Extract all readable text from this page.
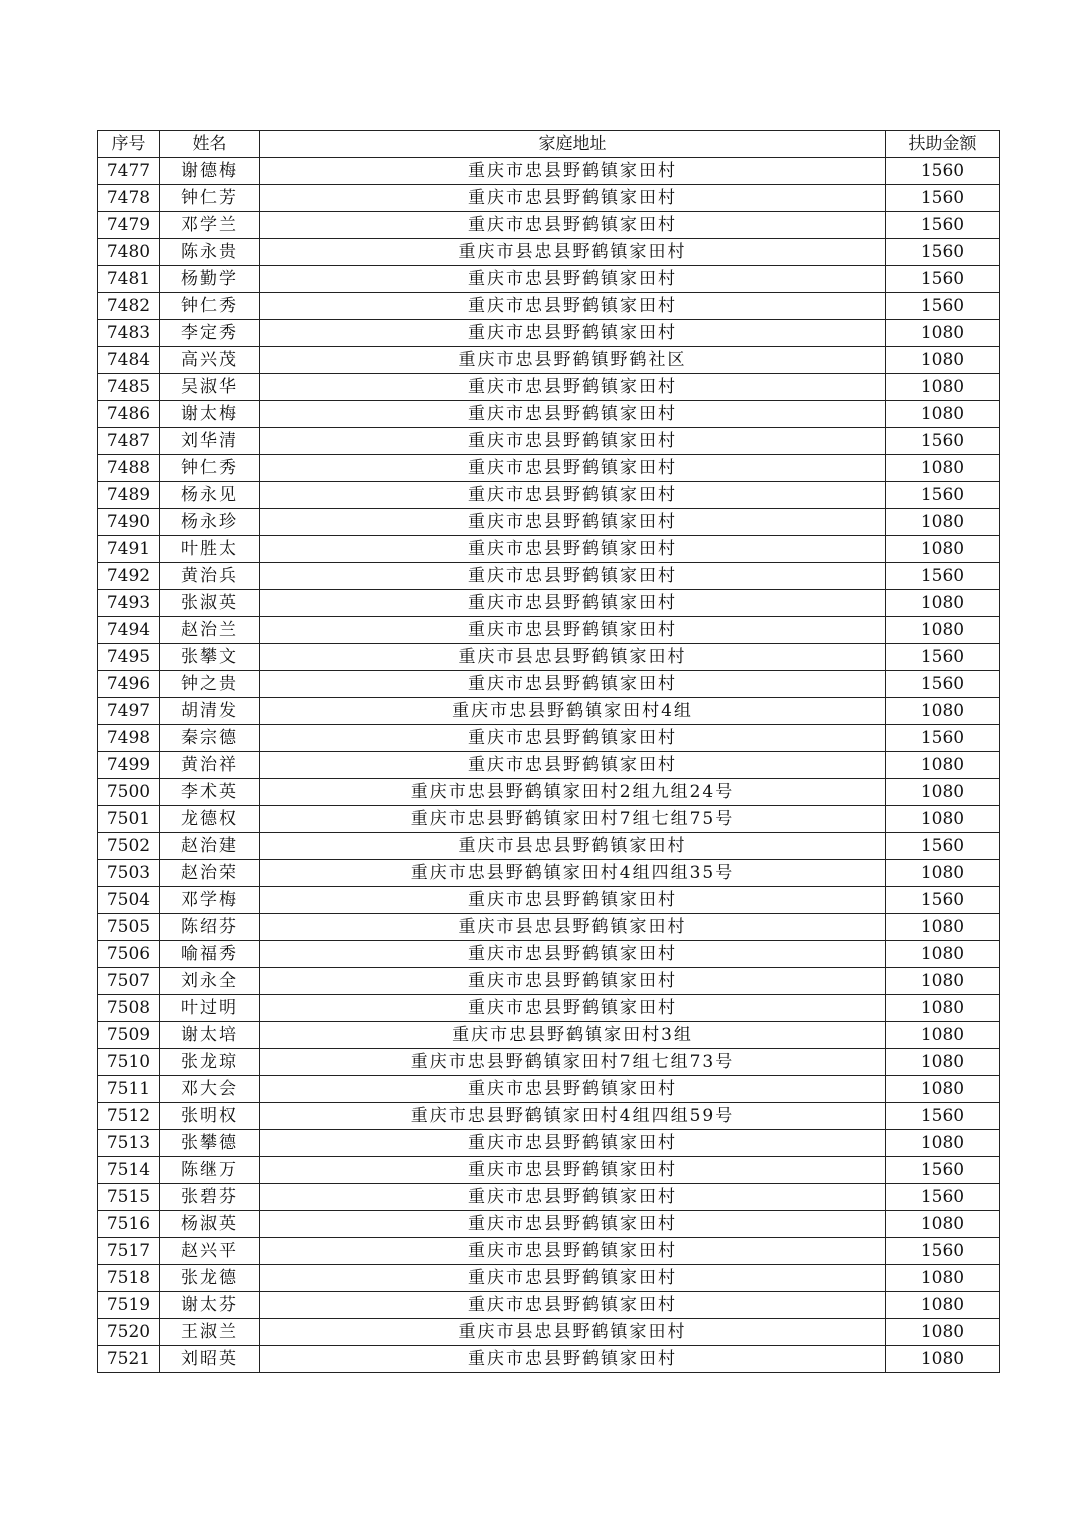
序号	姓名	家庭地址	扶助金额
7477	谢德梅	重庆市忠县野鹤镇家田村	1560
7478	钟仁芳	重庆市忠县野鹤镇家田村	1560
7479	邓学兰	重庆市忠县野鹤镇家田村	1560
7480	陈永贵	重庆市县忠县野鹤镇家田村	1560
7481	杨勤学	重庆市忠县野鹤镇家田村	1560
7482	钟仁秀	重庆市忠县野鹤镇家田村	1560
7483	李定秀	重庆市忠县野鹤镇家田村	1080
7484	高兴茂	重庆市忠县野鹤镇野鹤社区	1080
7485	吴淑华	重庆市忠县野鹤镇家田村	1080
7486	谢太梅	重庆市忠县野鹤镇家田村	1080
7487	刘华清	重庆市忠县野鹤镇家田村	1560
7488	钟仁秀	重庆市忠县野鹤镇家田村	1080
7489	杨永见	重庆市忠县野鹤镇家田村	1560
7490	杨永珍	重庆市忠县野鹤镇家田村	1080
7491	叶胜太	重庆市忠县野鹤镇家田村	1080
7492	黄治兵	重庆市忠县野鹤镇家田村	1560
7493	张淑英	重庆市忠县野鹤镇家田村	1080
7494	赵治兰	重庆市忠县野鹤镇家田村	1080
7495	张攀文	重庆市县忠县野鹤镇家田村	1560
7496	钟之贵	重庆市忠县野鹤镇家田村	1560
7497	胡清发	重庆市忠县野鹤镇家田村4组	1080
7498	秦宗德	重庆市忠县野鹤镇家田村	1560
7499	黄治祥	重庆市忠县野鹤镇家田村	1080
7500	李术英	重庆市忠县野鹤镇家田村2组九组24号	1080
7501	龙德权	重庆市忠县野鹤镇家田村7组七组75号	1080
7502	赵治建	重庆市县忠县野鹤镇家田村	1560
7503	赵治荣	重庆市忠县野鹤镇家田村4组四组35号	1080
7504	邓学梅	重庆市忠县野鹤镇家田村	1560
7505	陈绍芬	重庆市县忠县野鹤镇家田村	1080
7506	喻福秀	重庆市忠县野鹤镇家田村	1080
7507	刘永全	重庆市忠县野鹤镇家田村	1080
7508	叶过明	重庆市忠县野鹤镇家田村	1080
7509	谢太培	重庆市忠县野鹤镇家田村3组	1080
7510	张龙琼	重庆市忠县野鹤镇家田村7组七组73号	1080
7511	邓大会	重庆市忠县野鹤镇家田村	1080
7512	张明权	重庆市忠县野鹤镇家田村4组四组59号	1560
7513	张攀德	重庆市忠县野鹤镇家田村	1080
7514	陈继万	重庆市忠县野鹤镇家田村	1560
7515	张碧芬	重庆市忠县野鹤镇家田村	1560
7516	杨淑英	重庆市忠县野鹤镇家田村	1080
7517	赵兴平	重庆市忠县野鹤镇家田村	1560
7518	张龙德	重庆市忠县野鹤镇家田村	1080
7519	谢太芬	重庆市忠县野鹤镇家田村	1080
7520	王淑兰	重庆市县忠县野鹤镇家田村	1080
7521	刘昭英	重庆市忠县野鹤镇家田村	1080
